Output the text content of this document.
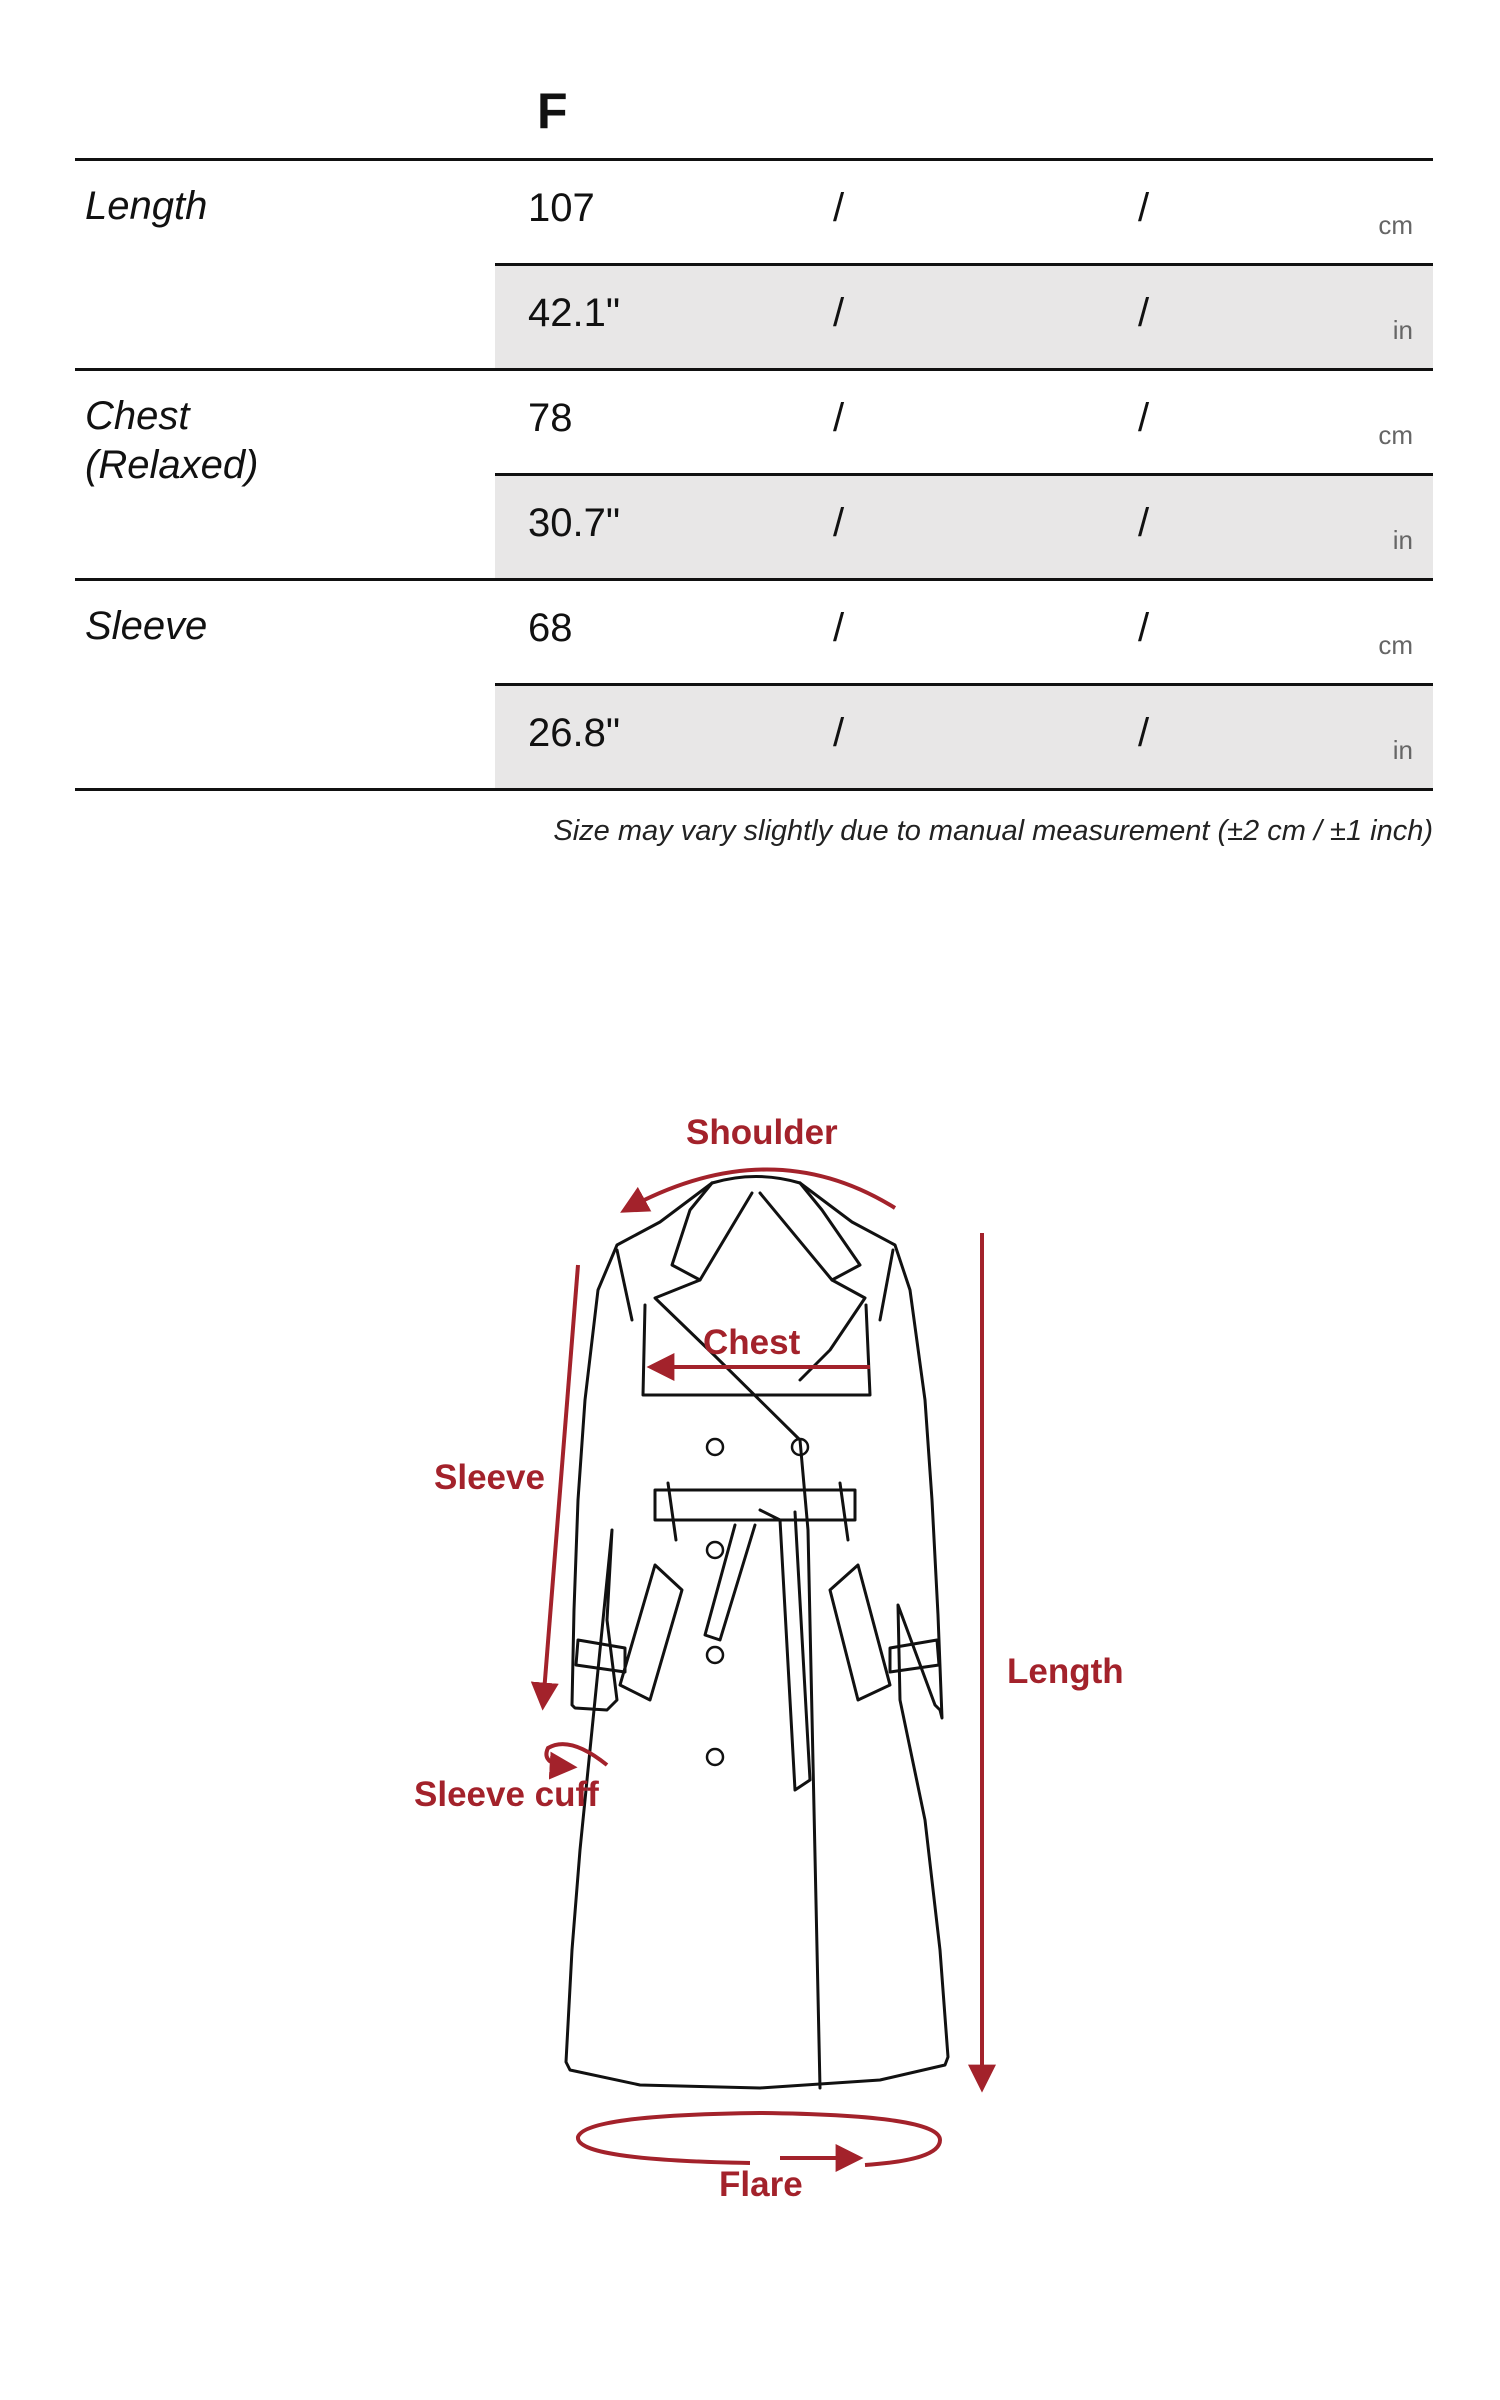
F
Length	107	/	/	cm
42.1"	/	/	in
Chest
(Relaxed)
78	/	/	cm
30.7"	/	/	in
Sleeve	68	/	/	cm
26.8"	/	/	in
Size may vary slightly due to manual measurement (±2 cm / ±1 inch)
Shoulder
Chest
Sleeve
Length
Sleeve cuff
Flare
